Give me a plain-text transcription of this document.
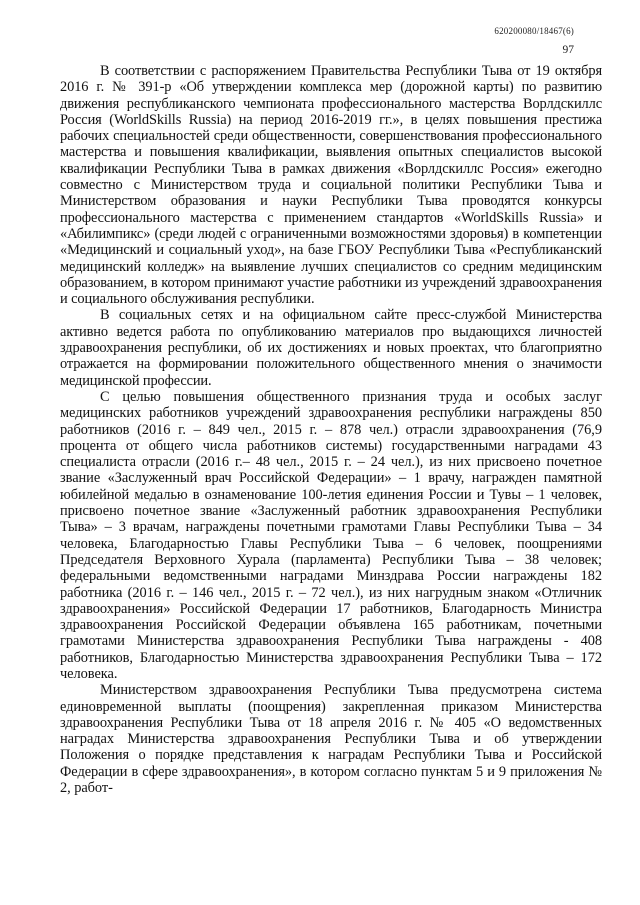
620200080/18467(6)
97

В соответствии с распоряжением Правительства Республики Тыва от 19 октября 2016 г. № 391-р «Об утверждении комплекса мер (дорожной карты) по развитию движения республиканского чемпионата профессионального мастерства Ворлдскиллс Россия (WorldSkills Russia) на период 2016-2019 гг.», в целях повышения престижа рабочих специальностей среди общественности, совершенствования профессионального мастерства и повышения квалификации, выявления опытных специалистов высокой квалификации Республики Тыва в рамках движения «Ворлдскиллс Россия» ежегодно совместно с Министерством труда и социальной политики Республики Тыва и Министерством образования и науки Республики Тыва проводятся конкурсы профессионального мастерства с применением стандартов «WorldSkills Russia» и «Абилимпикс» (среди людей с ограниченными возможностями здоровья) в компетенции «Медицинский и социальный уход», на базе ГБОУ Республики Тыва «Республиканский медицинский колледж» на выявление лучших специалистов со средним медицинским образованием, в котором принимают участие работники из учреждений здравоохранения и социального обслуживания республики.

В социальных сетях и на официальном сайте пресс-службой Министерства активно ведется работа по опубликованию материалов про выдающихся личностей здравоохранения республики, об их достижениях и новых проектах, что благоприятно отражается на формировании положительного общественного мнения о значимости медицинской профессии.

С целью повышения общественного признания труда и особых заслуг медицинских работников учреждений здравоохранения республики награждены 850 работников (2016 г. – 849 чел., 2015 г. – 878 чел.) отрасли здравоохранения (76,9 процента от общего числа работников системы) государственными наградами 43 специалиста отрасли (2016 г.– 48 чел., 2015 г. – 24 чел.), из них присвоено почетное звание «Заслуженный врач Российской Федерации» – 1 врачу, награжден памятной юбилейной медалью в ознаменование 100-летия единения России и Тувы – 1 человек, присвоено почетное звание «Заслуженный работник здравоохранения Республики Тыва» – 3 врачам, награждены почетными грамотами Главы Республики Тыва – 34 человека, Благодарностью Главы Республики Тыва – 6 человек, поощрениями Председателя Верховного Хурала (парламента) Республики Тыва – 38 человек; федеральными ведомственными наградами Минздрава России награждены 182 работника (2016 г. – 146 чел., 2015 г. – 72 чел.), из них нагрудным знаком «Отличник здравоохранения» Российской Федерации 17 работников, Благодарность Министра здравоохранения Российской Федерации объявлена 165 работникам, почетными грамотами Министерства здравоохранения Республики Тыва награждены - 408 работников, Благодарностью Министерства здравоохранения Республики Тыва – 172 человека.

Министерством здравоохранения Республики Тыва предусмотрена система единовременной выплаты (поощрения) закрепленная приказом Министерства здравоохранения Республики Тыва от 18 апреля 2016 г. № 405 «О ведомственных наградах Министерства здравоохранения Республики Тыва и об утверждении Положения о порядке представления к наградам Республики Тыва и Российской Федерации в сфере здравоохранения», в котором согласно пунктам 5 и 9 приложения № 2, работ-
